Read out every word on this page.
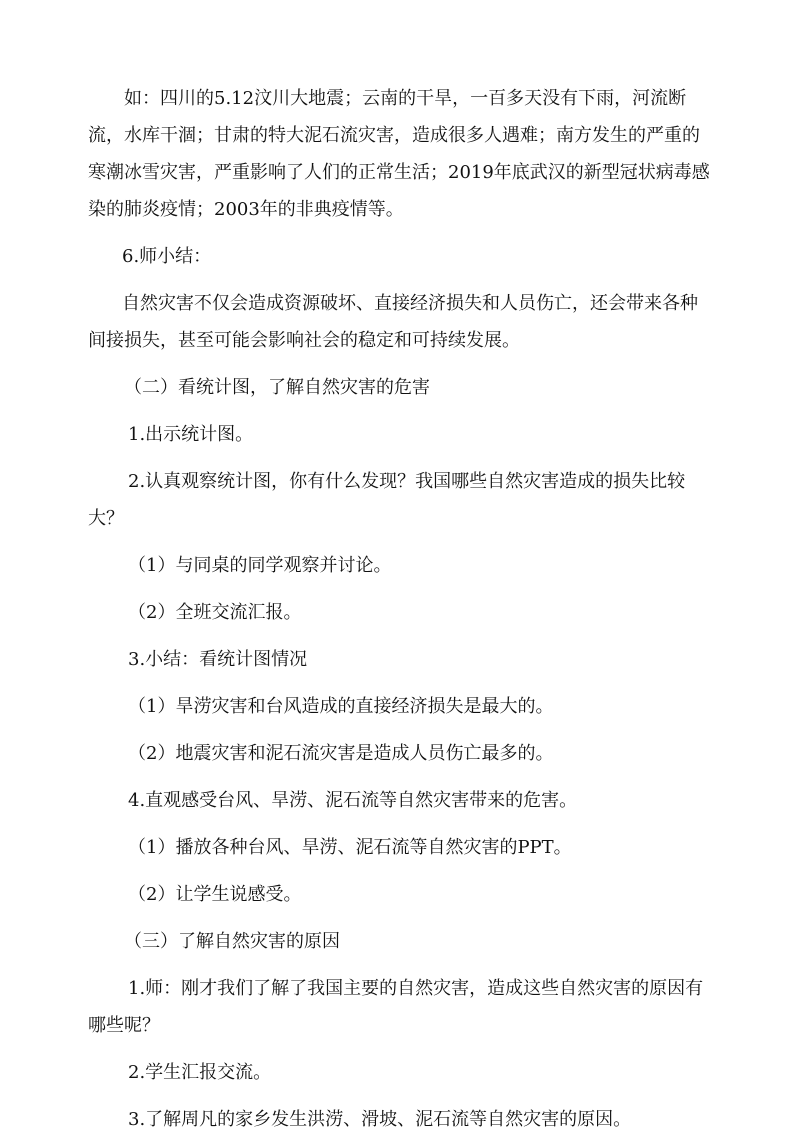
如：四川的5.12汶川大地震；云南的干旱，一百多天没有下雨，河流断流，水库干涸；甘肃的特大泥石流灾害，造成很多人遇难；南方发生的严重的寒潮冰雪灾害，严重影响了人们的正常生活；2019年底武汉的新型冠状病毒感染的肺炎疫情；2003年的非典疫情等。

6.师小结：

自然灾害不仅会造成资源破坏、直接经济损失和人员伤亡，还会带来各种间接损失，甚至可能会影响社会的稳定和可持续发展。

（二）看统计图，了解自然灾害的危害

1.出示统计图。

2.认真观察统计图，你有什么发现？我国哪些自然灾害造成的损失比较大？

（1）与同桌的同学观察并讨论。

（2）全班交流汇报。

3.小结：看统计图情况

（1）旱涝灾害和台风造成的直接经济损失是最大的。

（2）地震灾害和泥石流灾害是造成人员伤亡最多的。

4.直观感受台风、旱涝、泥石流等自然灾害带来的危害。

（1）播放各种台风、旱涝、泥石流等自然灾害的PPT。

（2）让学生说感受。

（三）了解自然灾害的原因

1.师：刚才我们了解了我国主要的自然灾害，造成这些自然灾害的原因有哪些呢？

2.学生汇报交流。

3.了解周凡的家乡发生洪涝、滑坡、泥石流等自然灾害的原因。
